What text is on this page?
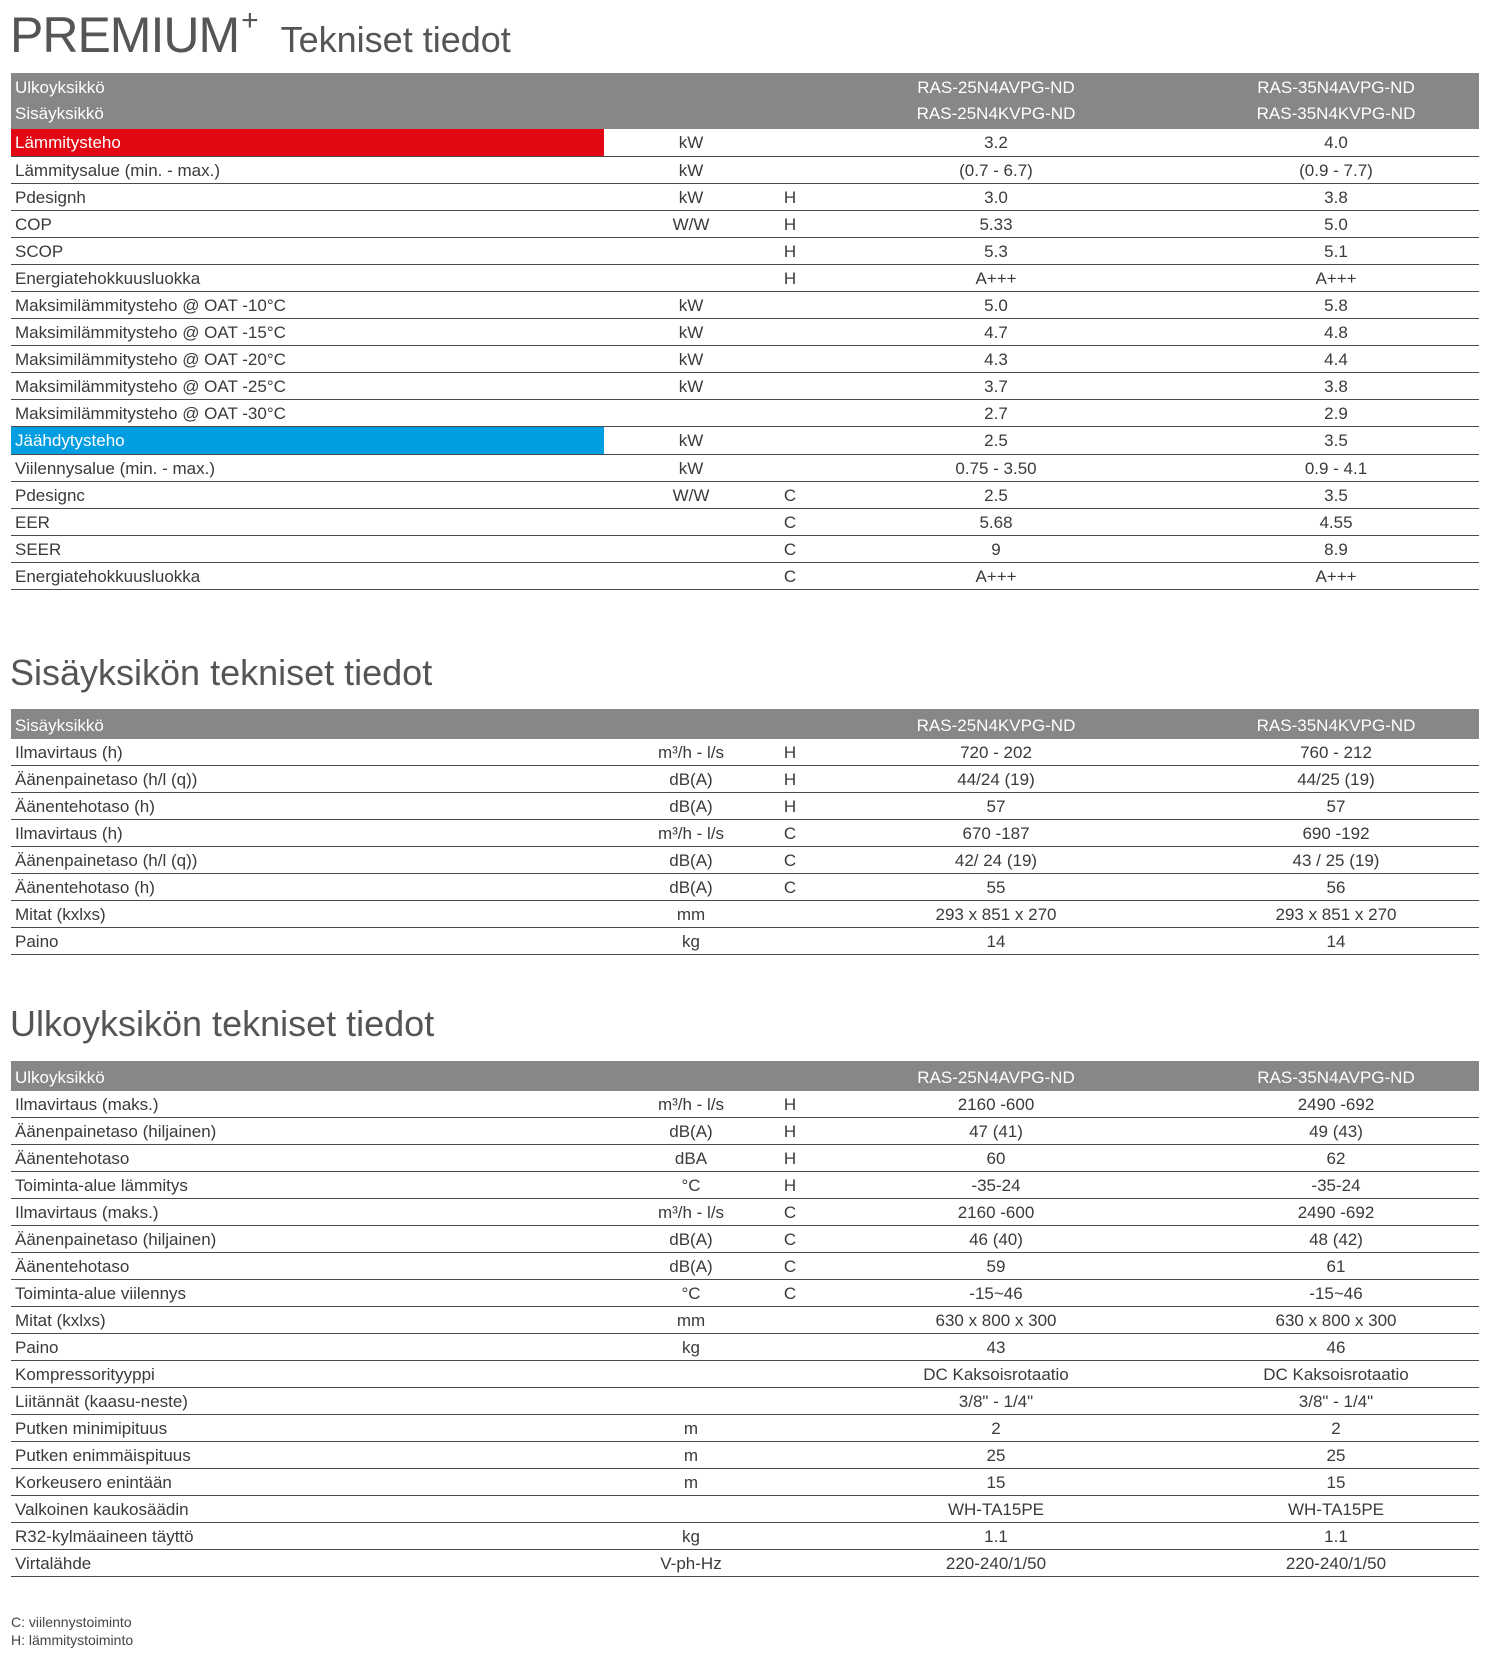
PREMIUM+ Tekniset tiedot
Ulkoyksikkö	RAS-25N4AVPG-ND	RAS-35N4AVPG-ND
Sisäyksikkö	RAS-25N4KVPG-ND	RAS-35N4KVPG-ND
Lämmitysteho	kW	3.2	4.0
Lämmitysalue (min. - max.)	kW	(0.7 - 6.7)	(0.9 - 7.7)
Pdesignh	kW	H	3.0	3.8
COP	W/W	H	5.33	5.0
SCOP	H	5.3	5.1
Energiatehokkuusluokka	H	A+++	A+++
Maksimilämmitysteho @ OAT -10°C	kW	5.0	5.8
Maksimilämmitysteho @ OAT -15°C	kW	4.7	4.8
Maksimilämmitysteho @ OAT -20°C	kW	4.3	4.4
Maksimilämmitysteho @ OAT -25°C	kW	3.7	3.8
Maksimilämmitysteho @ OAT -30°C	2.7	2.9
Jäähdytysteho	kW	2.5	3.5
Viilennysalue (min. - max.)	kW	0.75 - 3.50	0.9 - 4.1
Pdesignc	W/W	C	2.5	3.5
EER	C	5.68	4.55
SEER	C	9	8.9
Energiatehokkuusluokka	C	A+++	A+++
Sisäyksikön tekniset tiedot
Sisäyksikkö	RAS-25N4KVPG-ND	RAS-35N4KVPG-ND
Ilmavirtaus (h)	m³/h - l/s	H	720 - 202	760 - 212
Äänenpainetaso (h/l (q))	dB(A)	H	44/24 (19)	44/25 (19)
Äänentehotaso (h)	dB(A)	H	57	57
Ilmavirtaus (h)	m³/h - l/s	C	670 -187	690 -192
Äänenpainetaso (h/l (q))	dB(A)	C	42/ 24 (19)	43 / 25 (19)
Äänentehotaso (h)	dB(A)	C	55	56
Mitat (kxlxs)	mm	293 x 851 x 270	293 x 851 x 270
Paino	kg	14	14
Ulkoyksikön tekniset tiedot
Ulkoyksikkö	RAS-25N4AVPG-ND	RAS-35N4AVPG-ND
Ilmavirtaus (maks.)	m³/h - l/s	H	2160 -600	2490 -692
Äänenpainetaso (hiljainen)	dB(A)	H	47 (41)	49 (43)
Äänentehotaso	dBA	H	60	62
Toiminta-alue lämmitys	°C	H	-35-24	-35-24
Ilmavirtaus (maks.)	m³/h - l/s	C	2160 -600	2490 -692
Äänenpainetaso (hiljainen)	dB(A)	C	46 (40)	48 (42)
Äänentehotaso	dB(A)	C	59	61
Toiminta-alue viilennys	°C	C	-15~46	-15~46
Mitat (kxlxs)	mm	630 x 800 x 300	630 x 800 x 300
Paino	kg	43	46
Kompressorityyppi	DC Kaksoisrotaatio	DC Kaksoisrotaatio
Liitännät (kaasu-neste)	3/8" - 1/4"	3/8" - 1/4"
Putken minimipituus	m	2	2
Putken enimmäispituus	m	25	25
Korkeusero enintään	m	15	15
Valkoinen kaukosäädin	WH-TA15PE	WH-TA15PE
R32-kylmäaineen täyttö	kg	1.1	1.1
Virtalähde	V-ph-Hz	220-240/1/50	220-240/1/50
C: viilennystoiminto
H: lämmitystoiminto
